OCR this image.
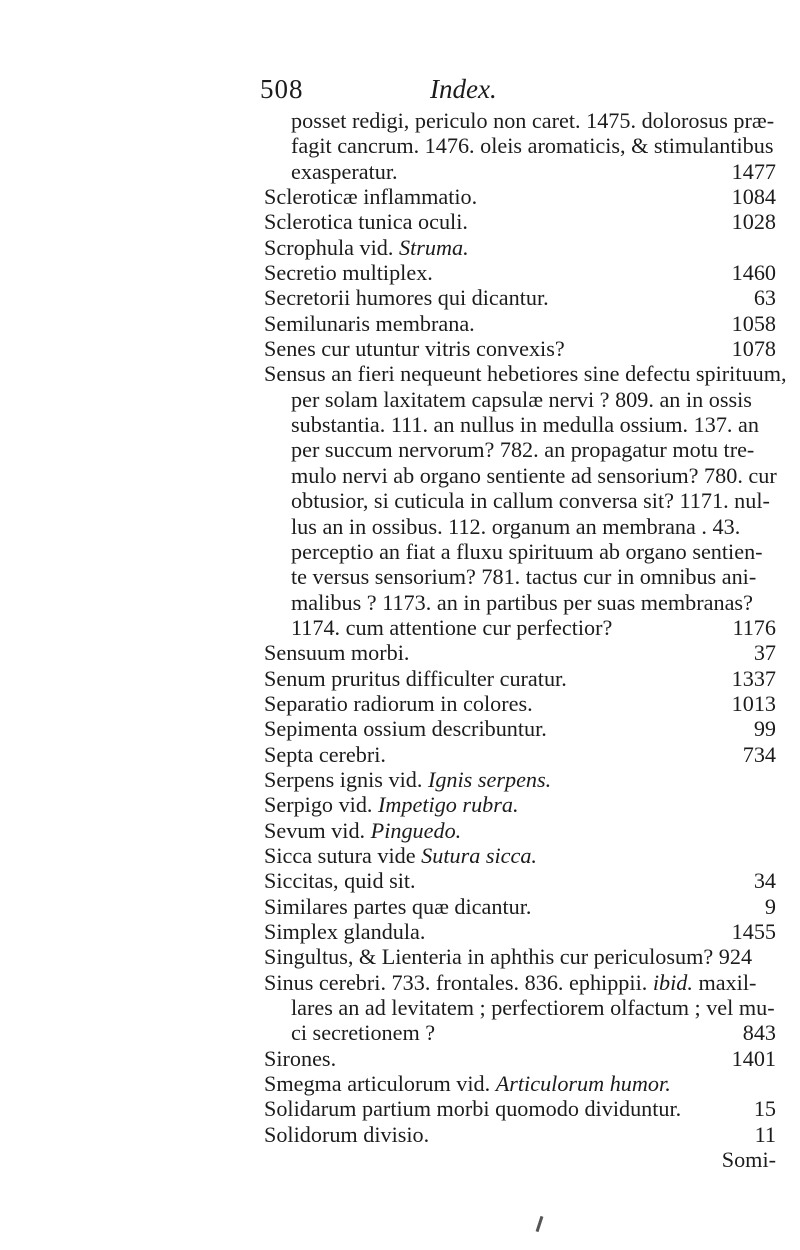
508	Index.
posset redigi, periculo non caret. 1475. dolorosus præ-
fagit cancrum. 1476. oleis aromaticis, & stimulantibus
exasperatur.	1477
Scleroticæ inflammatio.	1084
Sclerotica tunica oculi.	1028
Scrophula vid. Struma.
Secretio multiplex.	1460
Secretorii humores qui dicantur.	63
Semilunaris membrana.	1058
Senes cur utuntur vitris convexis?	1078
Sensus an fieri nequeunt hebetiores sine defectu spirituum,
per solam laxitatem capsulæ nervi ? 809. an in ossis
substantia. 111. an nullus in medulla ossium. 137. an
per succum nervorum? 782. an propagatur motu tre-
mulo nervi ab organo sentiente ad sensorium? 780. cur
obtusior, si cuticula in callum conversa sit? 1171. nul-
lus an in ossibus. 112. organum an membrana . 43.
perceptio an fiat a fluxu spirituum ab organo sentien-
te versus sensorium? 781. tactus cur in omnibus ani-
malibus ? 1173. an in partibus per suas membranas?
1174. cum attentione cur perfectior?	1176
Sensuum morbi.	37
Senum pruritus difficulter curatur.	1337
Separatio radiorum in colores.	1013
Sepimenta ossium describuntur.	99
Septa cerebri.	734
Serpens ignis vid. Ignis serpens.
Serpigo vid. Impetigo rubra.
Sevum vid. Pinguedo.
Sicca sutura vide Sutura sicca.
Siccitas, quid sit.	34
Similares partes quæ dicantur.	9
Simplex glandula.	1455
Singultus, & Lienteria in aphthis cur periculosum? 924
Sinus cerebri. 733. frontales. 836. ephippii. ibid. maxil-
lares an ad levitatem ; perfectiorem olfactum ; vel mu-
ci secretionem ?	843
Sirones.	1401
Smegma articulorum vid. Articulorum humor.
Solidarum partium morbi quomodo dividuntur.	15
Solidorum divisio.	11
Somi-
